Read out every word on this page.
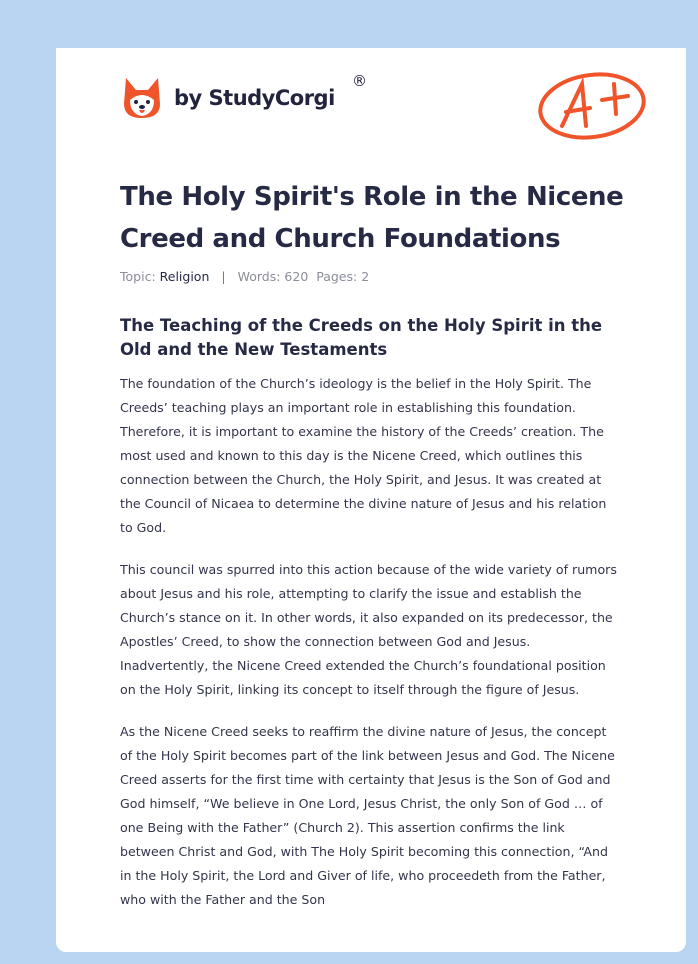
by StudyCorgi
®
The Holy Spirit's Role in the Nicene Creed and Church Foundations
Topic: Religion | Words: 620 Pages: 2
The Teaching of the Creeds on the Holy Spirit in the Old and the New Testaments

The foundation of the Church’s ideology is the belief in the Holy Spirit. The Creeds’ teaching plays an important role in establishing this foundation. Therefore, it is important to examine the history of the Creeds’ creation. The most used and known to this day is the Nicene Creed, which outlines this connection between the Church, the Holy Spirit, and Jesus. It was created at the Council of Nicaea to determine the divine nature of Jesus and his relation to God.

This council was spurred into this action because of the wide variety of rumors about Jesus and his role, attempting to clarify the issue and establish the Church’s stance on it. In other words, it also expanded on its predecessor, the Apostles’ Creed, to show the connection between God and Jesus. Inadvertently, the Nicene Creed extended the Church’s foundational position on the Holy Spirit, linking its concept to itself through the figure of Jesus.

As the Nicene Creed seeks to reaffirm the divine nature of Jesus, the concept of the Holy Spirit becomes part of the link between Jesus and God. The Nicene Creed asserts for the first time with certainty that Jesus is the Son of God and God himself, “We believe in One Lord, Jesus Christ, the only Son of God … of one Being with the Father” (Church 2). This assertion confirms the link between Christ and God, with The Holy Spirit becoming this connection, “And in the Holy Spirit, the Lord and Giver of life, who proceedeth from the Father, who with the Father and the Son
